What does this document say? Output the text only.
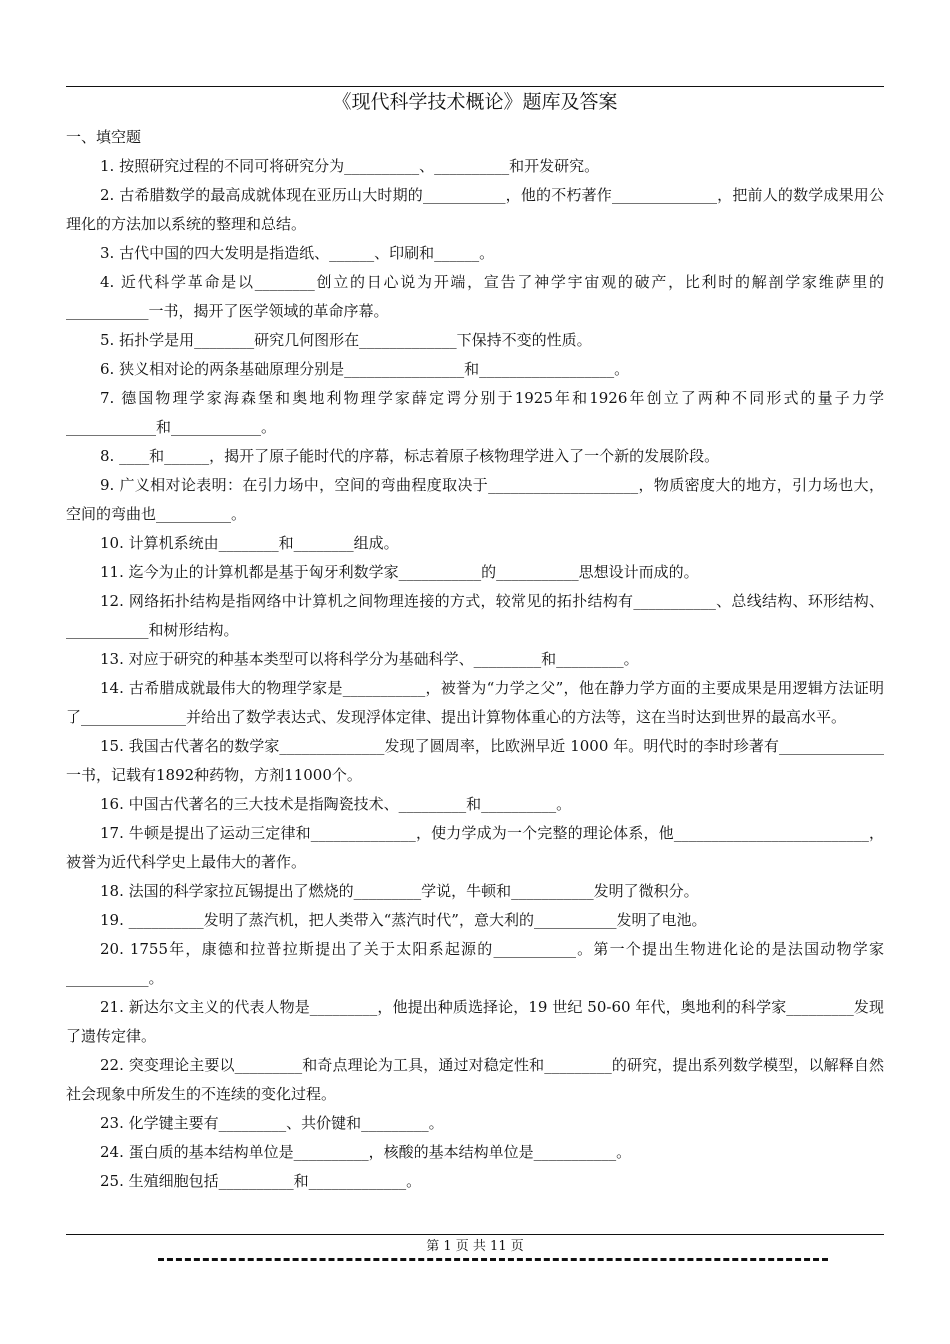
《现代科学技术概论》题库及答案
一、填空题

1. 按照研究过程的不同可将研究分为__________、__________和开发研究。

2. 古希腊数学的最高成就体现在亚历山大时期的___________，他的不朽著作______________，把前人的数学成果用公理化的方法加以系统的整理和总结。

3. 古代中国的四大发明是指造纸、______、印刷和______。

4. 近代科学革命是以________创立的日心说为开端，宣告了神学宇宙观的破产，比利时的解剖学家维萨里的___________一书，揭开了医学领域的革命序幕。

5. 拓扑学是用________研究几何图形在_____________下保持不变的性质。

6. 狭义相对论的两条基础原理分别是________________和__________________。

7. 德国物理学家海森堡和奥地利物理学家薛定谔分别于1925年和1926年创立了两种不同形式的量子力学____________和____________。

8. ____和______，揭开了原子能时代的序幕，标志着原子核物理学进入了一个新的发展阶段。

9. 广义相对论表明：在引力场中，空间的弯曲程度取决于____________________，物质密度大的地方，引力场也大，空间的弯曲也__________。

10. 计算机系统由________和________组成。

11. 迄今为止的计算机都是基于匈牙利数学家___________的___________思想设计而成的。

12. 网络拓扑结构是指网络中计算机之间物理连接的方式，较常见的拓扑结构有___________、总线结构、环形结构、___________和树形结构。

13. 对应于研究的种基本类型可以将科学分为基础科学、_________和_________。

14. 古希腊成就最伟大的物理学家是___________，被誉为“力学之父”，他在静力学方面的主要成果是用逻辑方法证明了______________并给出了数学表达式、发现浮体定律、提出计算物体重心的方法等，这在当时达到世界的最高水平。

15. 我国古代著名的数学家______________发现了圆周率，比欧洲早近 1000 年。明代时的李时珍著有______________一书，记载有1892种药物，方剂11000个。

16. 中国古代著名的三大技术是指陶瓷技术、_________和__________。

17. 牛顿是提出了运动三定律和______________，使力学成为一个完整的理论体系，他__________________________，被誉为近代科学史上最伟大的著作。

18. 法国的科学家拉瓦锡提出了燃烧的_________学说，牛顿和___________发明了微积分。

19. __________发明了蒸汽机，把人类带入“蒸汽时代”，意大利的___________发明了电池。

20. 1755年，康德和拉普拉斯提出了关于太阳系起源的___________。第一个提出生物进化论的是法国动物学家___________。

21. 新达尔文主义的代表人物是_________，他提出种质选择论，19 世纪 50-60 年代，奥地利的科学家_________发现了遗传定律。

22. 突变理论主要以_________和奇点理论为工具，通过对稳定性和_________的研究，提出系列数学模型，以解释自然社会现象中所发生的不连续的变化过程。

23. 化学键主要有_________、共价键和_________。

24. 蛋白质的基本结构单位是__________，核酸的基本结构单位是___________。

25. 生殖细胞包括__________和_____________。

第 1 页 共 11 页
